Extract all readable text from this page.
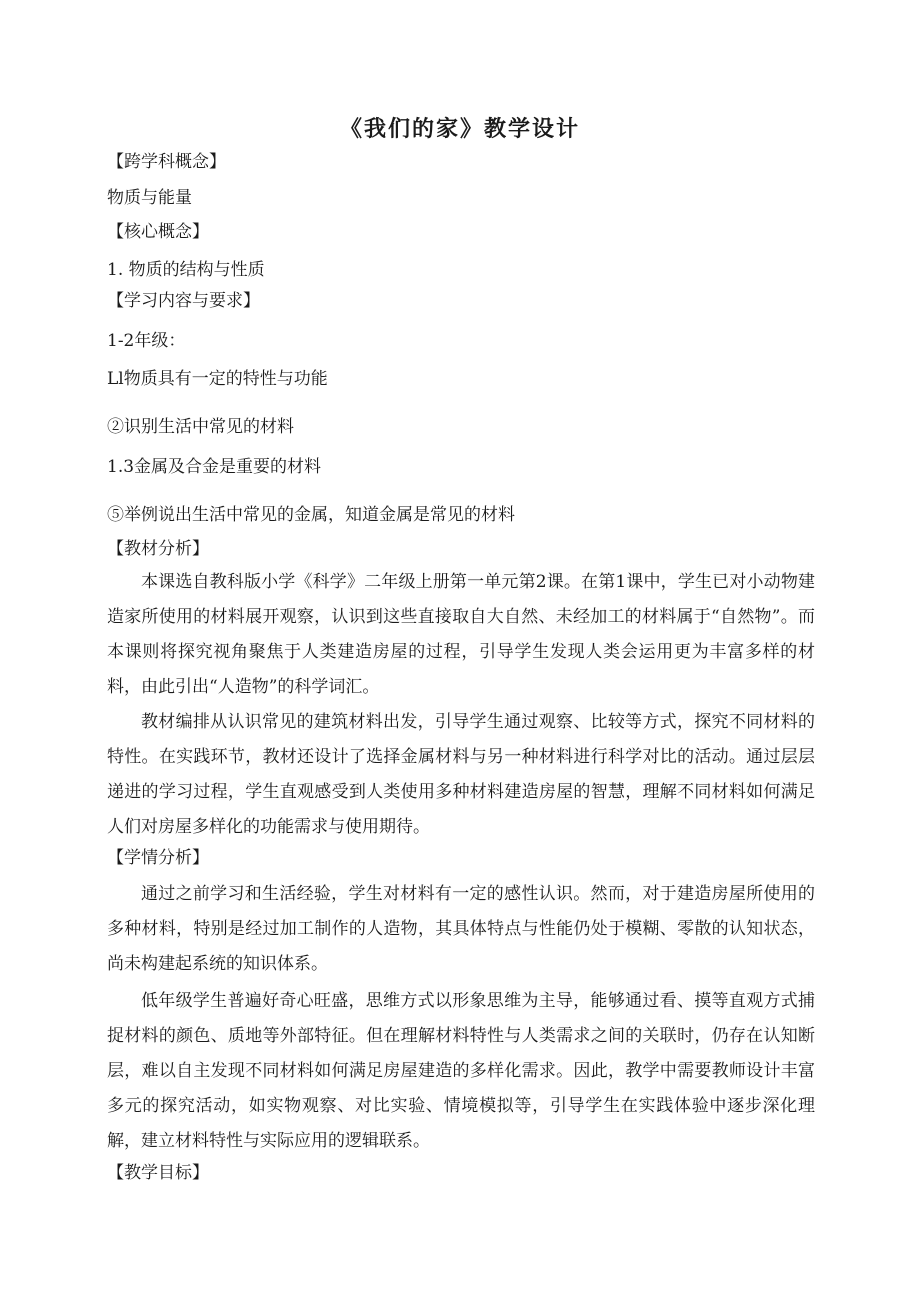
《我们的家》教学设计
【跨学科概念】
物质与能量
【核心概念】
1. 物质的结构与性质
【学习内容与要求】
1-2年级：
Ll物质具有一定的特性与功能
②识别生活中常见的材料
1.3金属及合金是重要的材料
⑤举例说出生活中常见的金属，知道金属是常见的材料
【教材分析】
本课选自教科版小学《科学》二年级上册第一单元第2课。在第1课中，学生已对小动物建造家所使用的材料展开观察，认识到这些直接取自大自然、未经加工的材料属于“自然物”。而本课则将探究视角聚焦于人类建造房屋的过程，引导学生发现人类会运用更为丰富多样的材料，由此引出“人造物”的科学词汇。
教材编排从认识常见的建筑材料出发，引导学生通过观察、比较等方式，探究不同材料的特性。在实践环节，教材还设计了选择金属材料与另一种材料进行科学对比的活动。通过层层递进的学习过程，学生直观感受到人类使用多种材料建造房屋的智慧，理解不同材料如何满足人们对房屋多样化的功能需求与使用期待。
【学情分析】
通过之前学习和生活经验，学生对材料有一定的感性认识。然而，对于建造房屋所使用的多种材料，特别是经过加工制作的人造物，其具体特点与性能仍处于模糊、零散的认知状态，尚未构建起系统的知识体系。
低年级学生普遍好奇心旺盛，思维方式以形象思维为主导，能够通过看、摸等直观方式捕捉材料的颜色、质地等外部特征。但在理解材料特性与人类需求之间的关联时，仍存在认知断层，难以自主发现不同材料如何满足房屋建造的多样化需求。因此，教学中需要教师设计丰富多元的探究活动，如实物观察、对比实验、情境模拟等，引导学生在实践体验中逐步深化理解，建立材料特性与实际应用的逻辑联系。
【教学目标】
